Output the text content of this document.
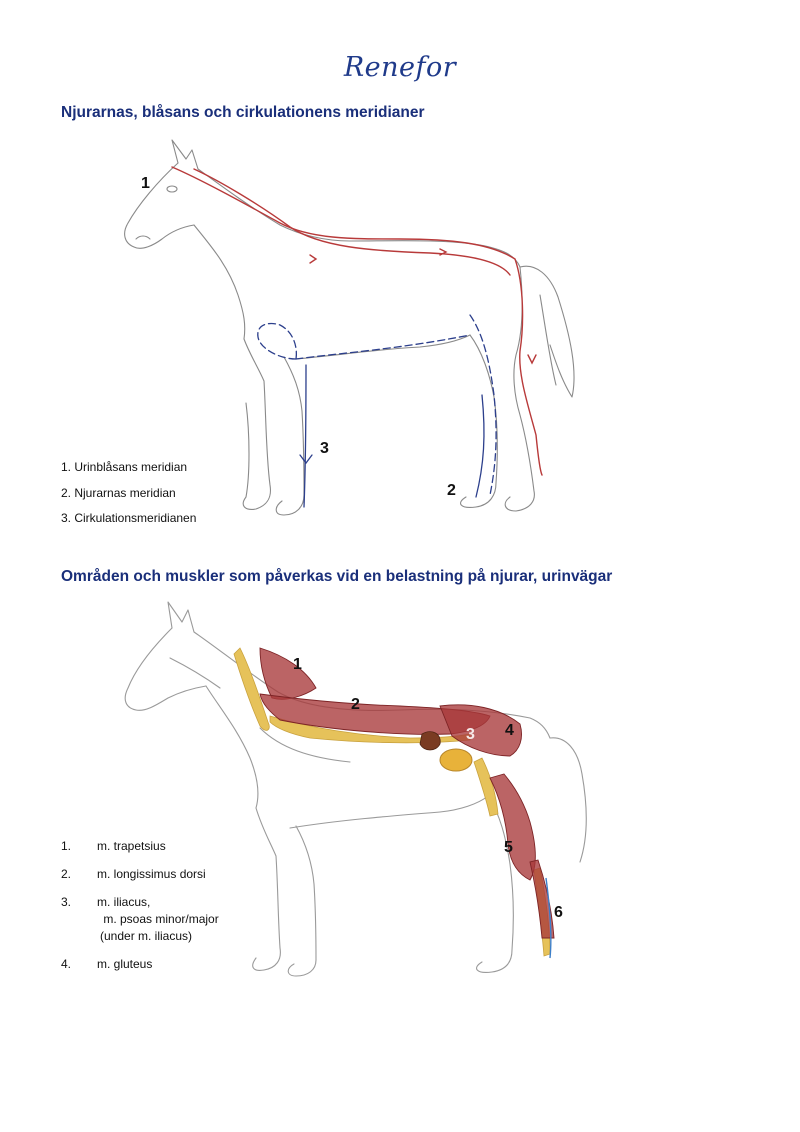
Renefor
Njurarnas, blåsans och cirkulationens meridianer
1
2
3
1. Urinblåsans meridian
2. Njurarnas meridian
3. Cirkulationsmeridianen
Områden och muskler som påverkas vid en belastning på njurar, urinvägar
1
2
3 4
5
6
1.	m. trapetsius
2.	m. longissimus dorsi
3.	m. iliacus,
m. psoas minor/major
(under m. iliacus)
4.	m. gluteus
